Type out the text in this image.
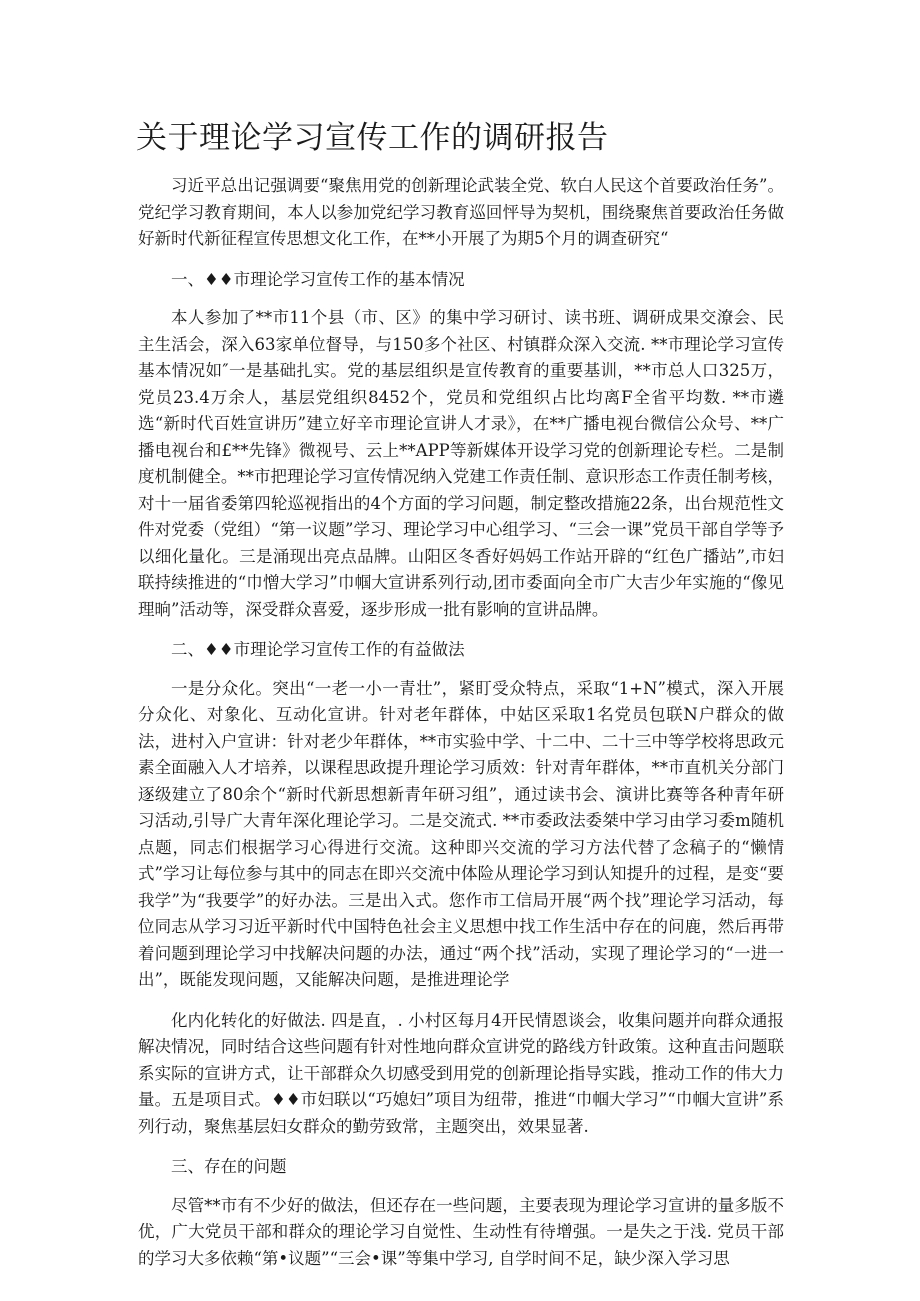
关于理论学习宣传工作的调研报告

习近平总出记强调要“聚焦用党的创新理论武装全党、软白人民这个首要政治任务”。党纪学习教育期间，本人以参加党纪学习教育巡回怦导为契机，围绕聚焦首要政治任务做好新时代新征程宣传思想文化工作，在**小开展了为期5个月的调查研究“

一、♦♦市理论学习宣传工作的基本情况

本人参加了**市11个县（市、区》的集中学习研讨、读书班、调研成果交潦会、民主生活会，深入63家单位督导，与150多个社区、村镇群众深入交流. **市理论学习宣传基本情况如″一是基础扎实。党的基层组织是宣传教育的重要基训，**市总人口325万，党员23.4万余人，基层党组织8452个，党员和党组织占比均离F全省平均数. **市遴选“新时代百姓宣讲历”建立好辛市理论宣讲人才录》，在**广播电视台微信公众号、**广播电视台和£**先锋》微视号、云上**APP等新媒体开设学习党的创新理论专栏。二是制度机制健全。**市把理论学习宣传情况纳入党建工作责任制、意识形态工作责任制考核，对十一届省委第四轮巡视指出的4个方面的学习问题，制定整改措施22条，出台规范性文件对党委（党组）“第一议题”学习、理论学习中心组学习、“三会一课”党员干部自学等予以细化量化。三是涌现出亮点品牌。山阳区冬香好妈妈工作站开辟的“红色广播站”,市妇联持续推进的“巾憎大学习”巾帼大宣讲系列行动,团市委面向全市广大吉少年实施的“像见理晌”活动等，深受群众喜爱，逐步形成一批有影响的宣讲品牌。

二、♦♦市理论学习宣传工作的有益做法

一是分众化。突出“一老一小一青壮”，紧盯受众特点，采取“1+N”模式，深入开展分众化、对象化、互动化宣讲。针对老年群体，中姑区采取1名党员包联N户群众的做法，进村入户宣讲：针对老少年群体，**市实验中学、十二中、二十三中等学校将思政元素全面融入人才培养，以课程思政提升理论学习质效：针对青年群体，**市直机关分部门逐级建立了80余个“新时代新思想新青年研习组”，通过读书会、演讲比赛等各种青年研习活动,引导广大青年深化理论学习。二是交流式. **市委政法委桀中学习由学习委m随机点题，同志们根据学习心得进行交流。这种即兴交流的学习方法代替了念稿子的“懒情式”学习让每位参与其中的同志在即兴交流中体险从理论学习到认知提升的过程，是变“要我学”为“我要学”的好办法。三是出入式。您作市工信局开展“两个找”理论学习活动，每位同志从学习习近平新时代中国特色社会主义思想中找工作生活中存在的问鹿，然后再带着问题到理论学习中找解决问题的办法，通过“两个找”活动，实现了理论学习的“一进一出”，既能发现问题，又能解决问题，是推进理论学

化内化转化的好做法. 四是直，. 小村区每月4开民情恩谈会，收集问题并向群众通报解决情况，同时结合这些问题有针对性地向群众宣讲党的路线方针政策。这种直击问题联系实际的宣讲方式，让干部群众久切感受到用党的创新理论指导实践，推动工作的伟大力量。五是项目式。♦♦市妇联以“巧媳妇”项目为纽带，推进“巾帼大学习”“巾帼大宣讲”系列行动，聚焦基层妇女群众的勤劳致常，主题突出，效果显著.

三、存在的问题

尽管**市有不少好的做法，但还存在一些问题，主要表现为理论学习宣讲的量多版不优，广大党员干部和群众的理论学习自觉性、生动性有待增强。一是失之于浅. 党员干部的学习大多依赖“第•议题”“三会•课”等集中学习, 自学时间不足，缺少深入学习思
